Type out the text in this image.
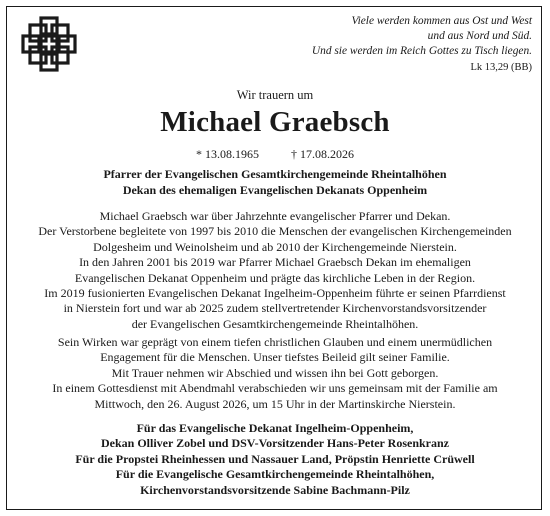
Viele werden kommen aus Ost und West
und aus Nord und Süd.
Und sie werden im Reich Gottes zu Tisch liegen.
Lk 13,29 (BB)
Wir trauern um
Michael Graebsch
* 13.08.1965	† 17.08.2026
Pfarrer der Evangelischen Gesamtkirchengemeinde Rheintalhöhen
Dekan des ehemaligen Evangelischen Dekanats Oppenheim
Michael Graebsch war über Jahrzehnte evangelischer Pfarrer und Dekan.
Der Verstorbene begleitete von 1997 bis 2010 die Menschen der evangelischen Kirchengemeinden
Dolgesheim und Weinolsheim und ab 2010 der Kirchengemeinde Nierstein.
In den Jahren 2001 bis 2019 war Pfarrer Michael Graebsch Dekan im ehemaligen
Evangelischen Dekanat Oppenheim und prägte das kirchliche Leben in der Region.
Im 2019 fusionierten Evangelischen Dekanat Ingelheim-Oppenheim führte er seinen Pfarrdienst
in Nierstein fort und war ab 2025 zudem stellvertretender Kirchenvorstandsvorsitzender
der Evangelischen Gesamtkirchengemeinde Rheintalhöhen.
Sein Wirken war geprägt von einem tiefen christlichen Glauben und einem unermüdlichen
Engagement für die Menschen. Unser tiefstes Beileid gilt seiner Familie.
Mit Trauer nehmen wir Abschied und wissen ihn bei Gott geborgen.
In einem Gottesdienst mit Abendmahl verabschieden wir uns gemeinsam mit der Familie am
Mittwoch, den 26. August 2026, um 15 Uhr in der Martinskirche Nierstein.
Für das Evangelische Dekanat Ingelheim-Oppenheim,
Dekan Olliver Zobel und DSV-Vorsitzender Hans-Peter Rosenkranz
Für die Propstei Rheinhessen und Nassauer Land, Pröpstin Henriette Crüwell
Für die Evangelische Gesamtkirchengemeinde Rheintalhöhen,
Kirchenvorstandsvorsitzende Sabine Bachmann-Pilz
